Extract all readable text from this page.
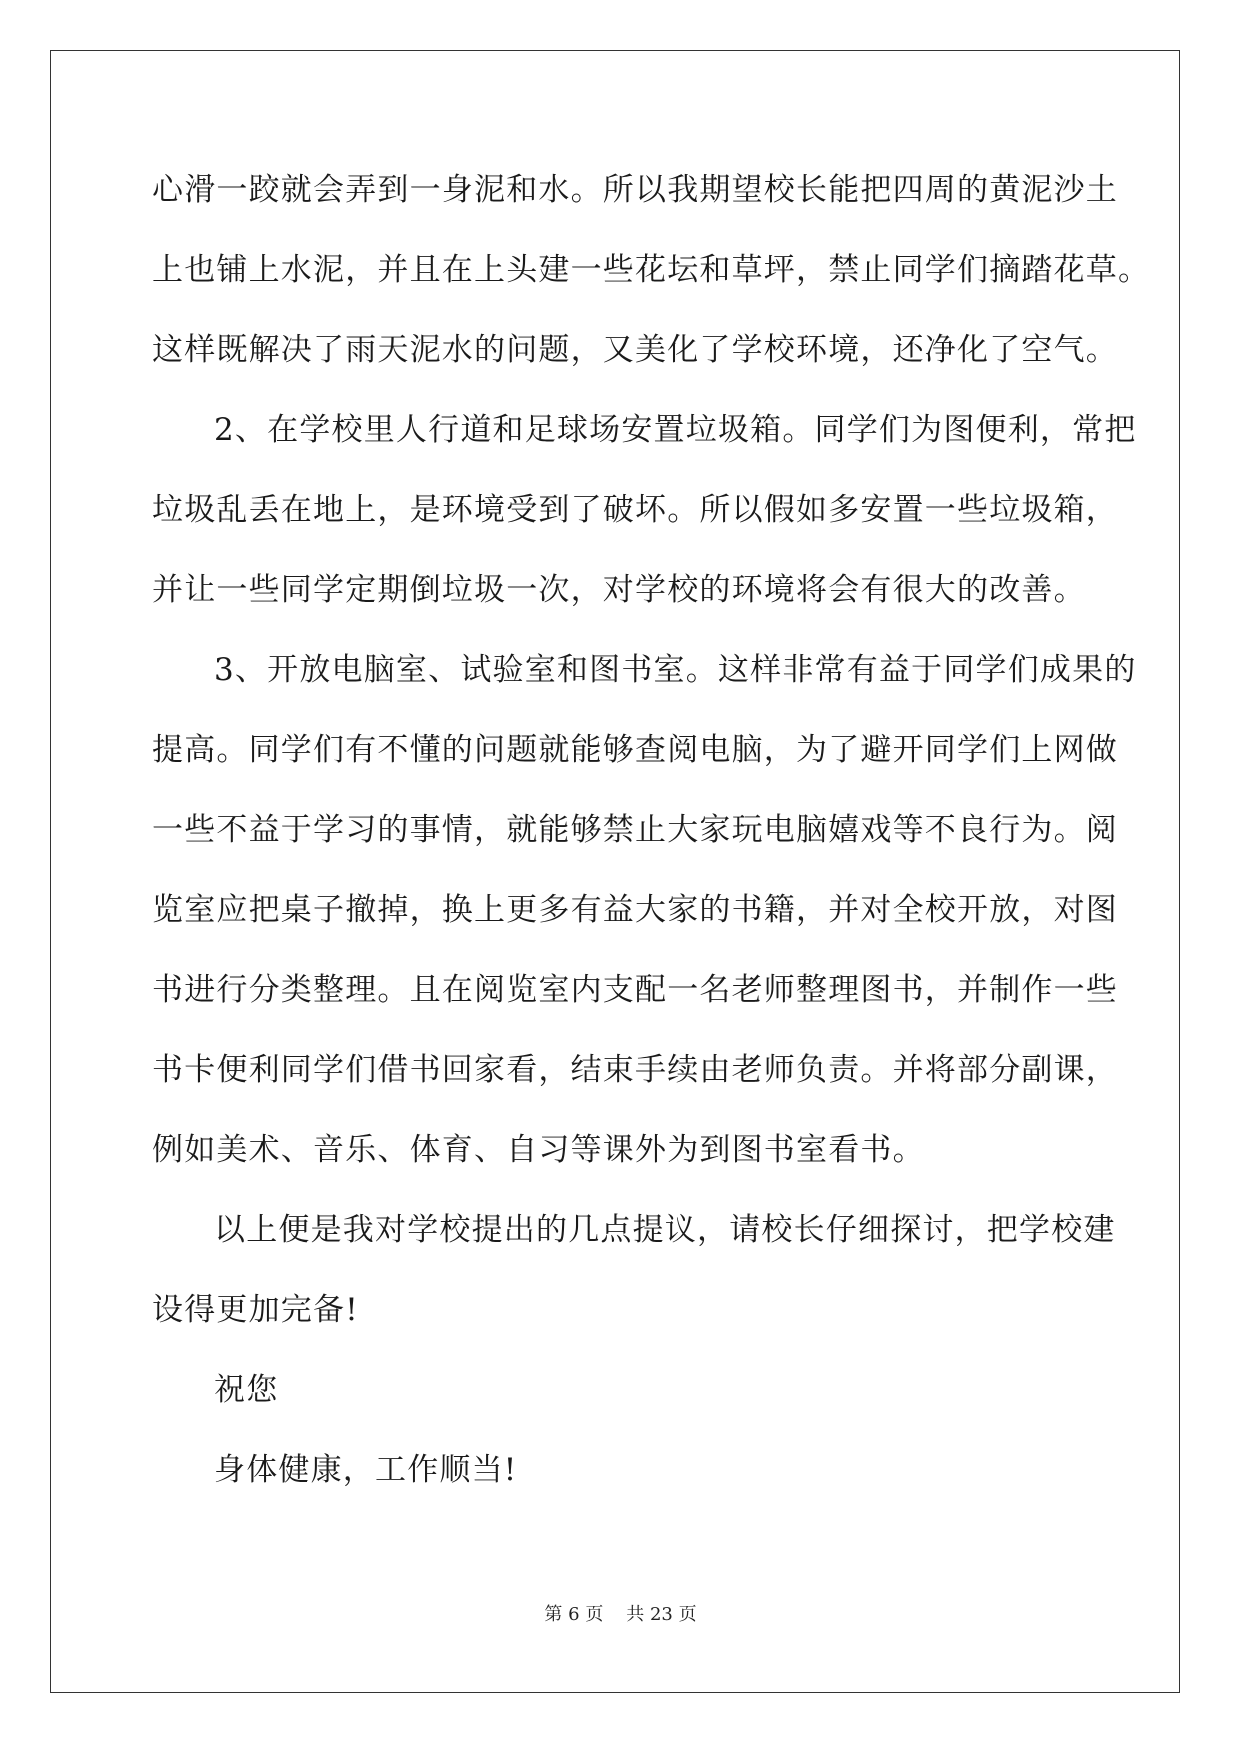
心滑一跤就会弄到一身泥和水。所以我期望校长能把四周的黄泥沙土
上也铺上水泥，并且在上头建一些花坛和草坪，禁止同学们摘踏花草。
这样既解决了雨天泥水的问题，又美化了学校环境，还净化了空气。
2、在学校里人行道和足球场安置垃圾箱。同学们为图便利，常把
垃圾乱丢在地上，是环境受到了破坏。所以假如多安置一些垃圾箱，
并让一些同学定期倒垃圾一次，对学校的环境将会有很大的改善。
3、开放电脑室、试验室和图书室。这样非常有益于同学们成果的
提高。同学们有不懂的问题就能够查阅电脑，为了避开同学们上网做
一些不益于学习的事情，就能够禁止大家玩电脑嬉戏等不良行为。阅
览室应把桌子撤掉，换上更多有益大家的书籍，并对全校开放，对图
书进行分类整理。且在阅览室内支配一名老师整理图书，并制作一些
书卡便利同学们借书回家看，结束手续由老师负责。并将部分副课，
例如美术、音乐、体育、自习等课外为到图书室看书。
以上便是我对学校提出的几点提议，请校长仔细探讨，把学校建
设得更加完备!
祝您
身体健康，工作顺当!
第 6 页 共 23 页
